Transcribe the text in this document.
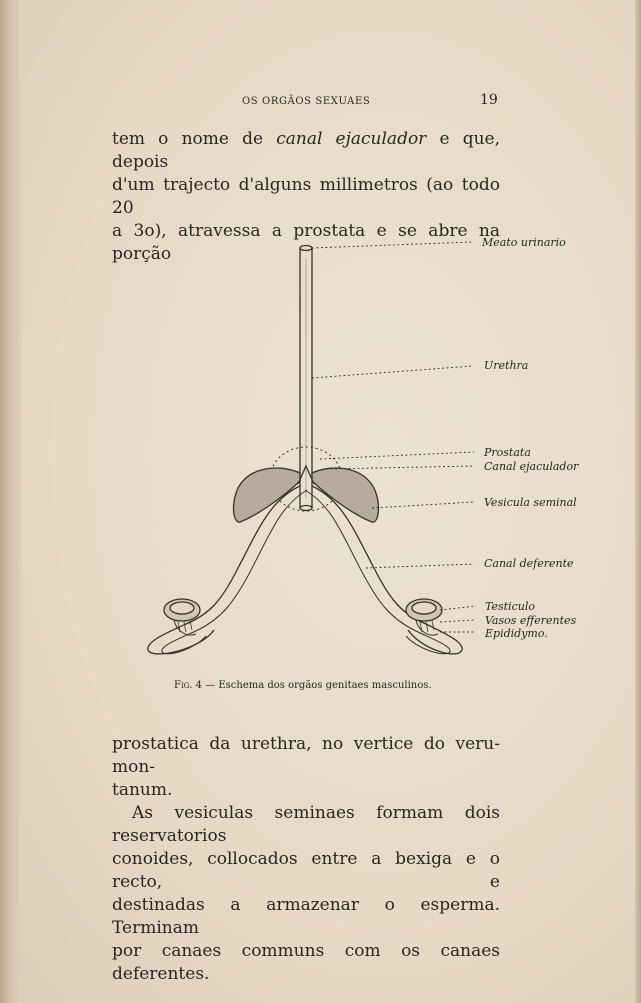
OS ORGÃOS SEXUAES	19
tem o nome de canal ejaculador e que, depois
d'um trajecto d'alguns millimetros (ao todo 20
a 3o), atravessa a prostata e se abre na porção
Meato urinario
Urethra
Prostata
Canal ejaculador
Vesicula seminal
Canal deferente
Testiculo
Vasos efferentes
Epididymo.
Fig. 4 — Eschema dos orgãos genitaes masculinos.
prostatica da urethra, no vertice do veru-mon-
tanum.
As vesiculas seminaes formam dois reservatorios
conoides, collocados entre a bexiga e o recto, e
destinadas a armazenar o esperma. Terminam
por canaes communs com os canaes deferentes.
